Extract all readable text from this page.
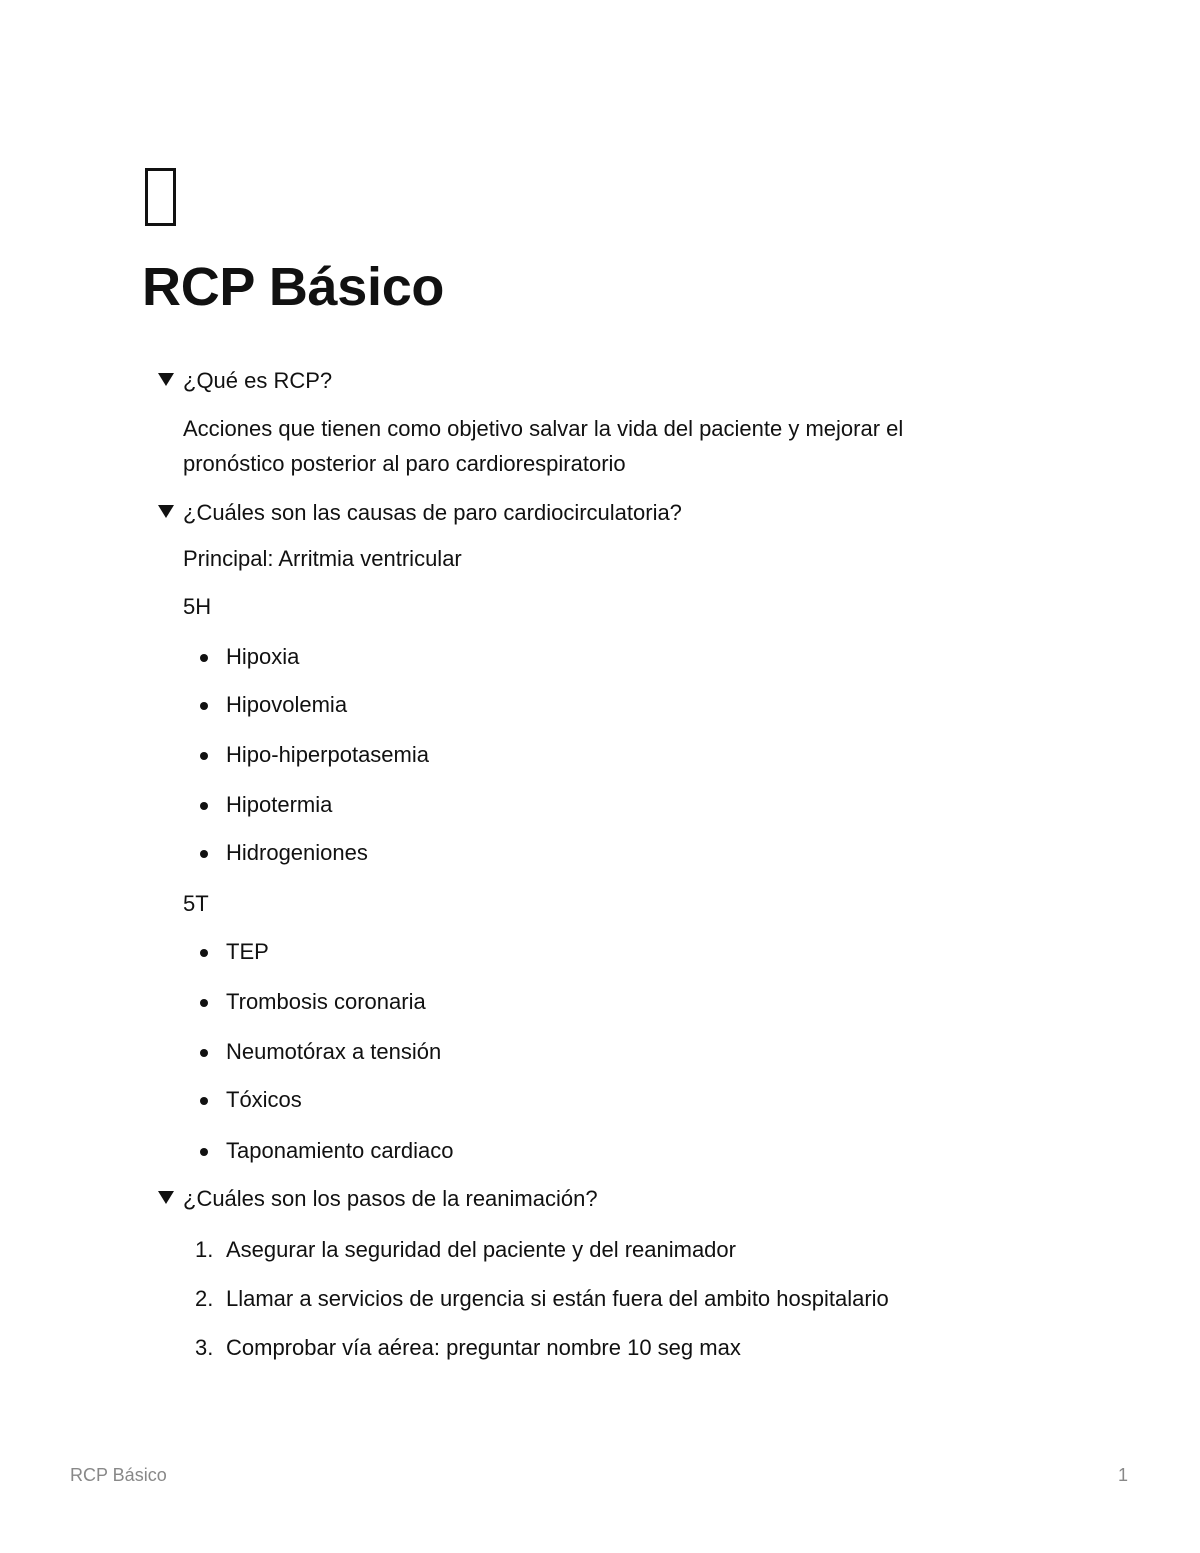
RCP Básico
¿Qué es RCP?
Acciones que tienen como objetivo salvar la vida del paciente y mejorar el
pronóstico posterior al paro cardiorespiratorio
¿Cuáles son las causas de paro cardiocirculatoria?
Principal: Arritmia ventricular
5H
Hipoxia
Hipovolemia
Hipo-hiperpotasemia
Hipotermia
Hidrogeniones
5T
TEP
Trombosis coronaria
Neumotórax a tensión
Tóxicos
Taponamiento cardiaco
¿Cuáles son los pasos de la reanimación?
1. Asegurar la seguridad del paciente y del reanimador
2. Llamar a servicios de urgencia si están fuera del ambito hospitalario
3. Comprobar vía aérea: preguntar nombre 10 seg max
RCP Básico	1
